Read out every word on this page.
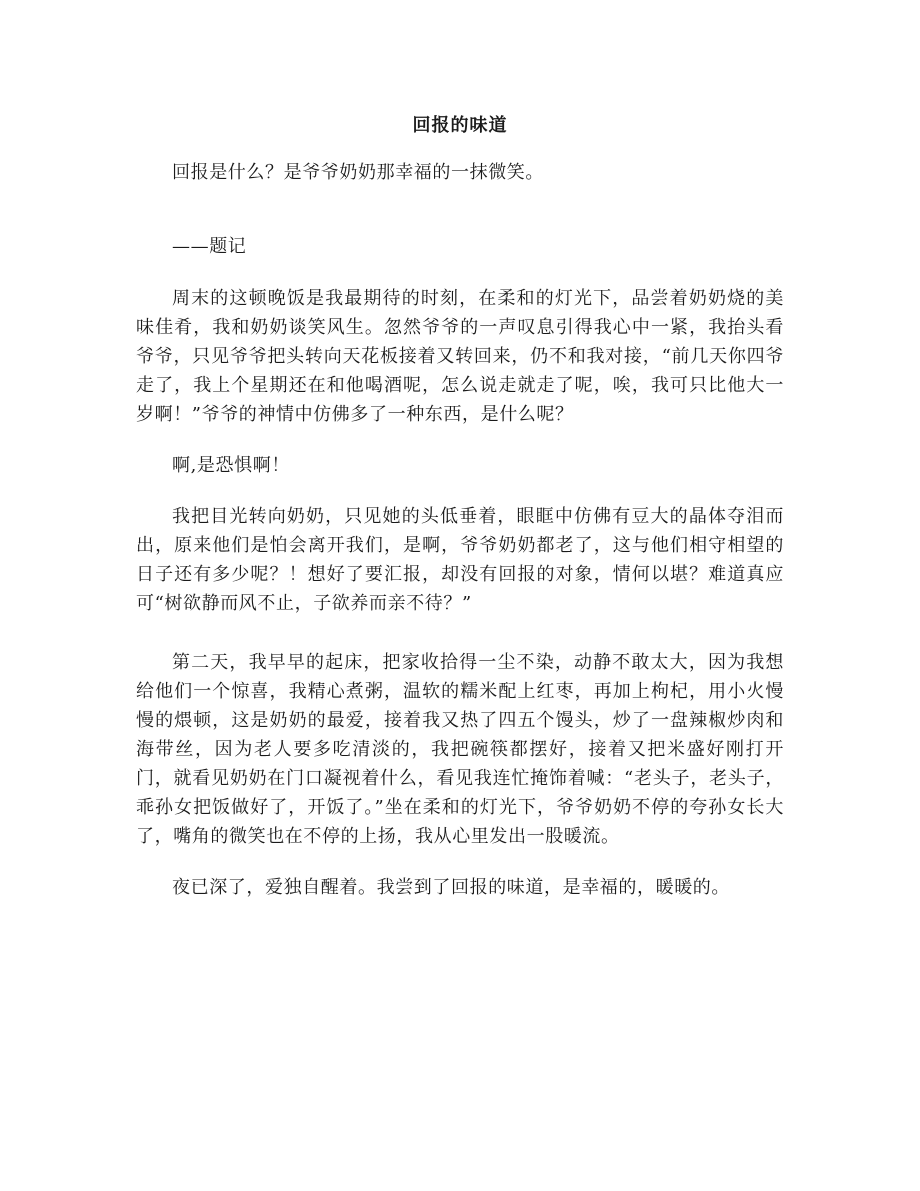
回报的味道

回报是什么？是爷爷奶奶那幸福的一抹微笑。

——题记

周末的这顿晚饭是我最期待的时刻，在柔和的灯光下，品尝着奶奶烧的美味佳肴，我和奶奶谈笑风生。忽然爷爷的一声叹息引得我心中一紧，我抬头看爷爷，只见爷爷把头转向天花板接着又转回来，仍不和我对接，“前几天你四爷走了，我上个星期还在和他喝酒呢，怎么说走就走了呢，唉，我可只比他大一岁啊！”爷爷的神情中仿佛多了一种东西，是什么呢？

啊,是恐惧啊！

我把目光转向奶奶，只见她的头低垂着，眼眶中仿佛有豆大的晶体夺泪而出，原来他们是怕会离开我们，是啊，爷爷奶奶都老了，这与他们相守相望的日子还有多少呢？！想好了要汇报，却没有回报的对象，情何以堪？难道真应可“树欲静而风不止，子欲养而亲不待？”

第二天，我早早的起床，把家收拾得一尘不染，动静不敢太大，因为我想给他们一个惊喜，我精心煮粥，温软的糯米配上红枣，再加上枸杞，用小火慢慢的煨顿，这是奶奶的最爱，接着我又热了四五个馒头，炒了一盘辣椒炒肉和海带丝，因为老人要多吃清淡的，我把碗筷都摆好，接着又把米盛好刚打开门，就看见奶奶在门口凝视着什么，看见我连忙掩饰着喊：“老头子，老头子，乖孙女把饭做好了，开饭了。”坐在柔和的灯光下，爷爷奶奶不停的夸孙女长大了，嘴角的微笑也在不停的上扬，我从心里发出一股暖流。

夜已深了，爱独自醒着。我尝到了回报的味道，是幸福的，暖暖的。
